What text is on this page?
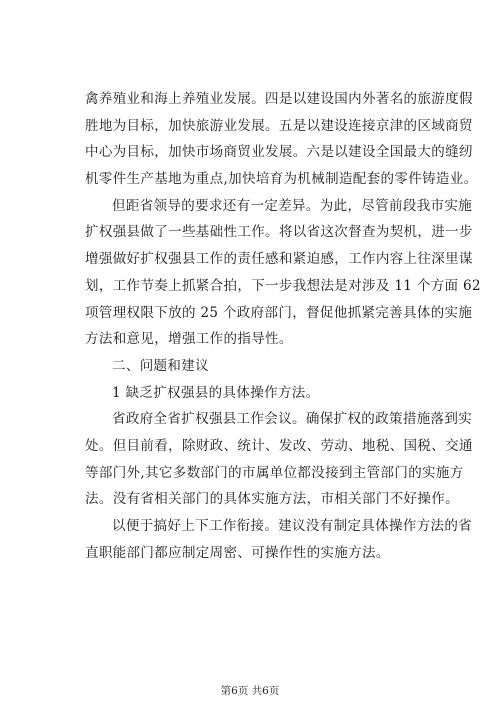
禽养殖业和海上养殖业发展。四是以建设国内外著名的旅游度假
胜地为目标，加快旅游业发展。五是以建设连接京津的区域商贸
中心为目标，加快市场商贸业发展。六是以建设全国最大的缝纫
机零件生产基地为重点,加快培育为机械制造配套的零件铸造业。
但距省领导的要求还有一定差异。为此，尽管前段我市实施
扩权强县做了一些基础性工作。将以省这次督查为契机，进一步
增强做好扩权强县工作的责任感和紧迫感，工作内容上往深里谋
划，工作节奏上抓紧合拍，下一步我想法是对涉及 11 个方面 62
项管理权限下放的 25 个政府部门，督促他抓紧完善具体的实施
方法和意见，增强工作的指导性。
二、问题和建议
1 缺乏扩权强县的具体操作方法。
省政府全省扩权强县工作会议。确保扩权的政策措施落到实
处。但目前看，除财政、统计、发改、劳动、地税、国税、交通
等部门外,其它多数部门的市属单位都没接到主管部门的实施方
法。没有省相关部门的具体实施方法，市相关部门不好操作。
以便于搞好上下工作衔接。建议没有制定具体操作方法的省
直职能部门都应制定周密、可操作性的实施方法。
第6页 共6页
